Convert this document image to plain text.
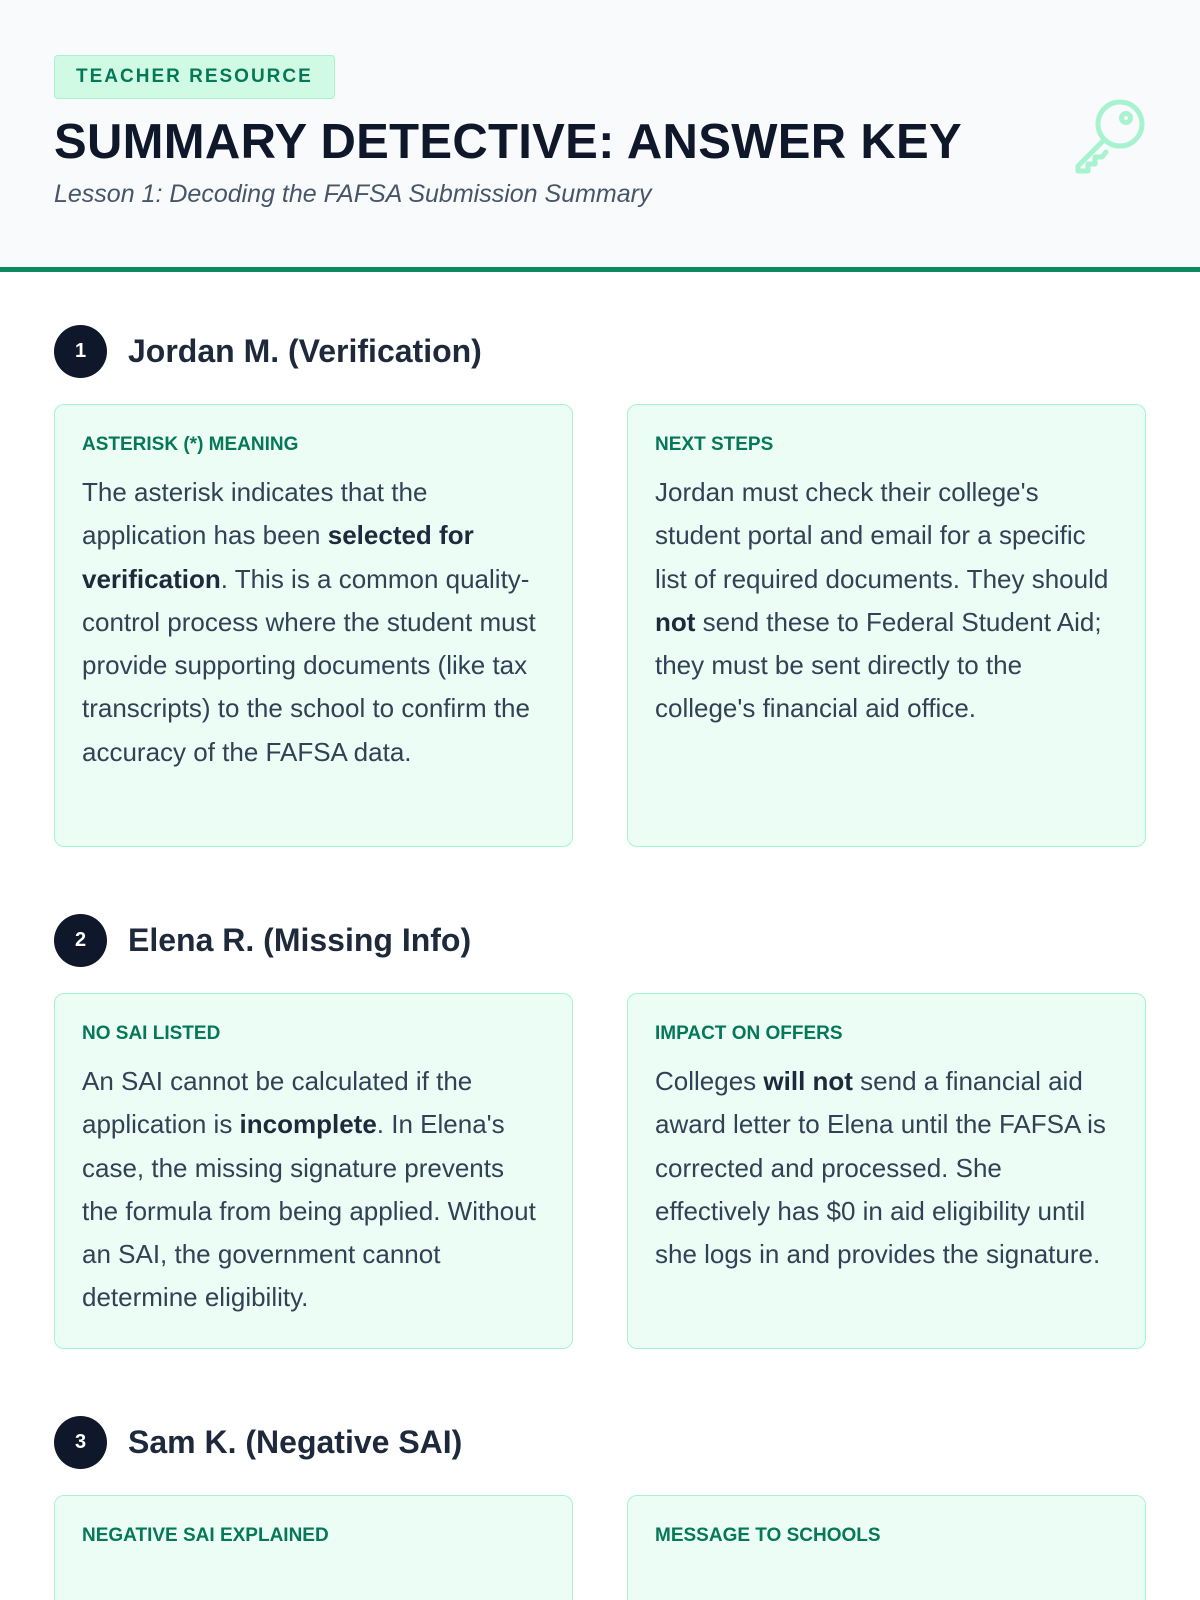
TEACHER RESOURCE
SUMMARY DETECTIVE: ANSWER KEY
Lesson 1: Decoding the FAFSA Submission Summary
1	Jordan M. (Verification)
ASTERISK (*) MEANING

The asterisk indicates that the application has been selected for verification. This is a common quality-control process where the student must provide supporting documents (like tax transcripts) to the school to confirm the accuracy of the FAFSA data.

NEXT STEPS

Jordan must check their college's student portal and email for a specific list of required documents. They should not send these to Federal Student Aid; they must be sent directly to the college's financial aid office.

2	Elena R. (Missing Info)
NO SAI LISTED

An SAI cannot be calculated if the application is incomplete. In Elena's case, the missing signature prevents the formula from being applied. Without an SAI, the government cannot determine eligibility.

IMPACT ON OFFERS

Colleges will not send a financial aid award letter to Elena until the FAFSA is corrected and processed. She effectively has $0 in aid eligibility until she logs in and provides the signature.

3	Sam K. (Negative SAI)
NEGATIVE SAI EXPLAINED	MESSAGE TO SCHOOLS
